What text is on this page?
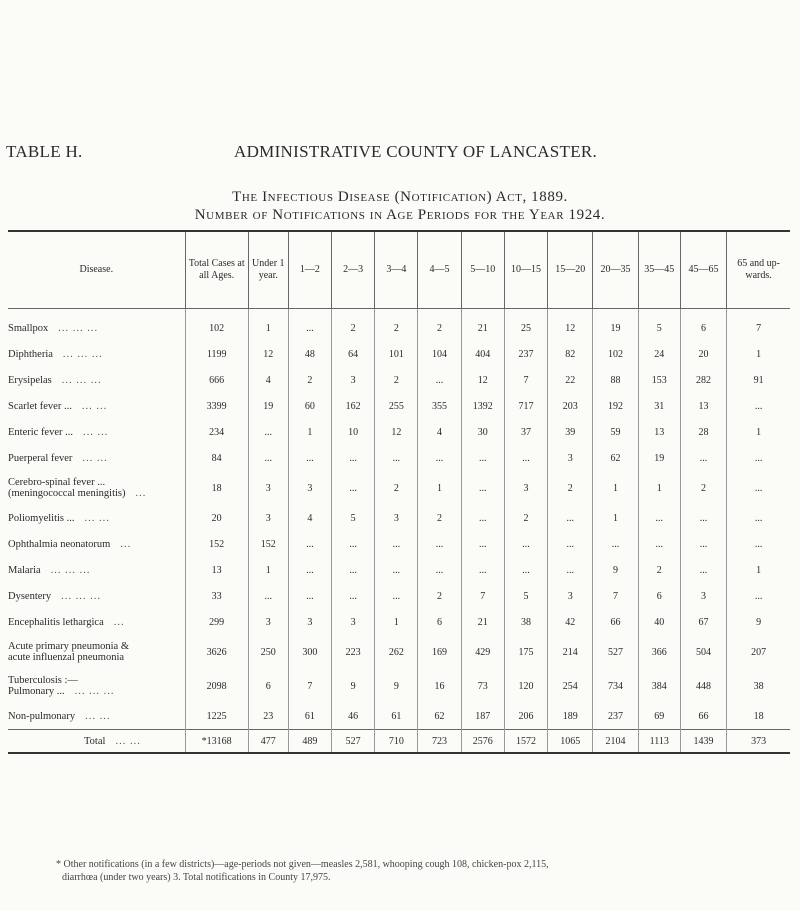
TABLE H.	ADMINISTRATIVE COUNTY OF LANCASTER.
The Infectious Disease (Notification) Act, 1889.
Number of Notifications in Age Periods for the Year 1924.
Disease.	Total Cases at all Ages.	Under 1 year.	1—2	2—3	3—4	4—5	5—10	10—15	15—20	20—35	35—45	45—65	65 and up- wards.
Smallpox ... ... ...	102	1	...	2	2	2	21	25	12	19	5	6	7
Diphtheria ... ... ...	1199	12	48	64	101	104	404	237	82	102	24	20	1
Erysipelas ... ... ...	666	4	2	3	2	...	12	7	22	88	153	282	91
Scarlet fever ... ... ...	3399	19	60	162	255	355	1392	717	203	192	31	13	...
Enteric fever ... ... ...	234	...	1	10	12	4	30	37	39	59	13	28	1
Puerperal fever ... ...	84	...	...	...	...	...	...	...	3	62	19	...	...
Cerebro-spinal fever ...
(meningococcal meningitis) ...	18	3	3	...	2	1	...	3	2	1	1	2	...
Poliomyelitis ... ... ...	20	3	4	5	3	2	...	2	...	1	...	...	...
Ophthalmia neonatorum ...	152	152	...	...	...	...	...	...	...	...	...	...	...
Malaria ... ... ...	13	1	...	...	...	...	...	...	...	9	2	...	1
Dysentery ... ... ...	33	...	...	...	...	2	7	5	3	7	6	3	...
Encephalitis lethargica ...	299	3	3	3	1	6	21	38	42	66	40	67	9
Acute primary pneumonia &
acute influenzal pneumonia	3626	250	300	223	262	169	429	175	214	527	366	504	207
Tuberculosis :—
Pulmonary ... ... ... ...	2098	6	7	9	9	16	73	120	254	734	384	448	38
Non-pulmonary ... ...	1225	23	61	46	61	62	187	206	189	237	69	66	18
Total ... ...	*13168	477	489	527	710	723	2576	1572	1065	2104	1113	1439	373
* Other notifications (in a few districts)—age-periods not given—measles 2,581, whooping cough 108, chicken-pox 2,115,
diarrhœa (under two years) 3. Total notifications in County 17,975.
